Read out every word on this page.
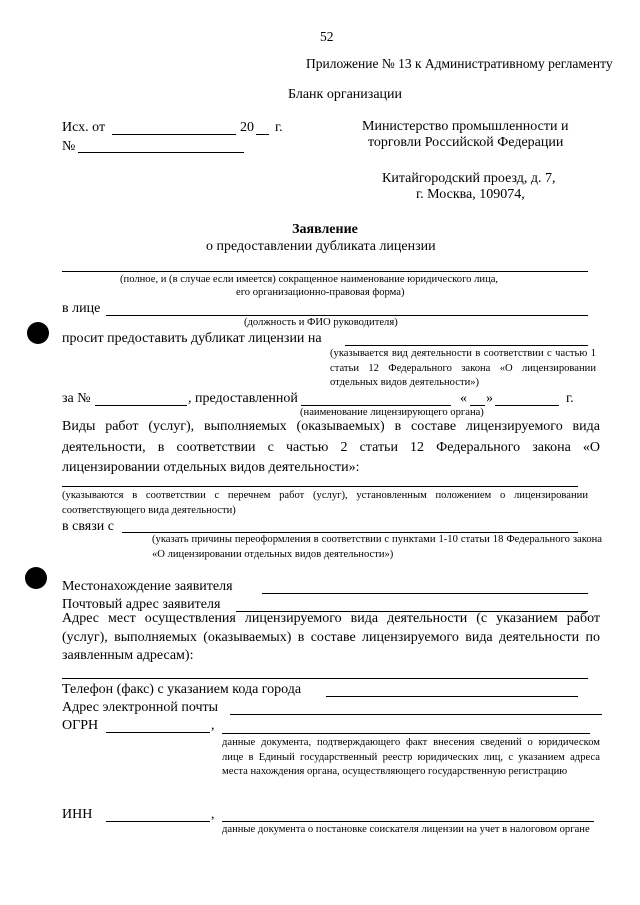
52
Приложение № 13 к Административному регламенту
Бланк организации
Исх. от	20 г.
№
Министерство промышленности и
торговли Российской Федерации
Китайгородский проезд, д. 7,
г. Москва, 109074,
Заявление
о предоставлении дубликата лицензии
(полное, и (в случае если имеется) сокращенное наименование юридического лица,
его организационно-правовая форма)
в лице
(должность и ФИО руководителя)
просит предоставить дубликат лицензии на
(указывается вид деятельности в соответствии с частью 1 статьи 12 Федерального закона «О лицензировании отдельных видов деятельности»)
за №	, предоставленной	« »	г.
(наименование лицензирующего органа)
Виды работ (услуг), выполняемых (оказываемых) в составе лицензируемого вида деятельности, в соответствии с частью 2 статьи 12 Федерального закона «О лицензировании отдельных видов деятельности»:
(указываются в соответствии с перечнем работ (услуг), установленным положением о лицензировании соответствующего вида деятельности)
в связи с
(указать причины переоформления в соответствии с пунктами 1-10 статьи 18 Федерального закона «О лицензировании отдельных видов деятельности»)
Местонахождение заявителя
Почтовый адрес заявителя
Адрес мест осуществления лицензируемого вида деятельности (с указанием работ (услуг), выполняемых (оказываемых) в составе лицензируемого вида деятельности по заявленным адресам):
Телефон (факс) с указанием кода города
Адрес электронной почты
ОГРН	,
данные документа, подтверждающего факт внесения сведений о юридическом лице в Единый государственный реестр юридических лиц, с указанием адреса места нахождения органа, осуществляющего государственную регистрацию
ИНН	,
данные документа о постановке соискателя лицензии на учет в налоговом органе
